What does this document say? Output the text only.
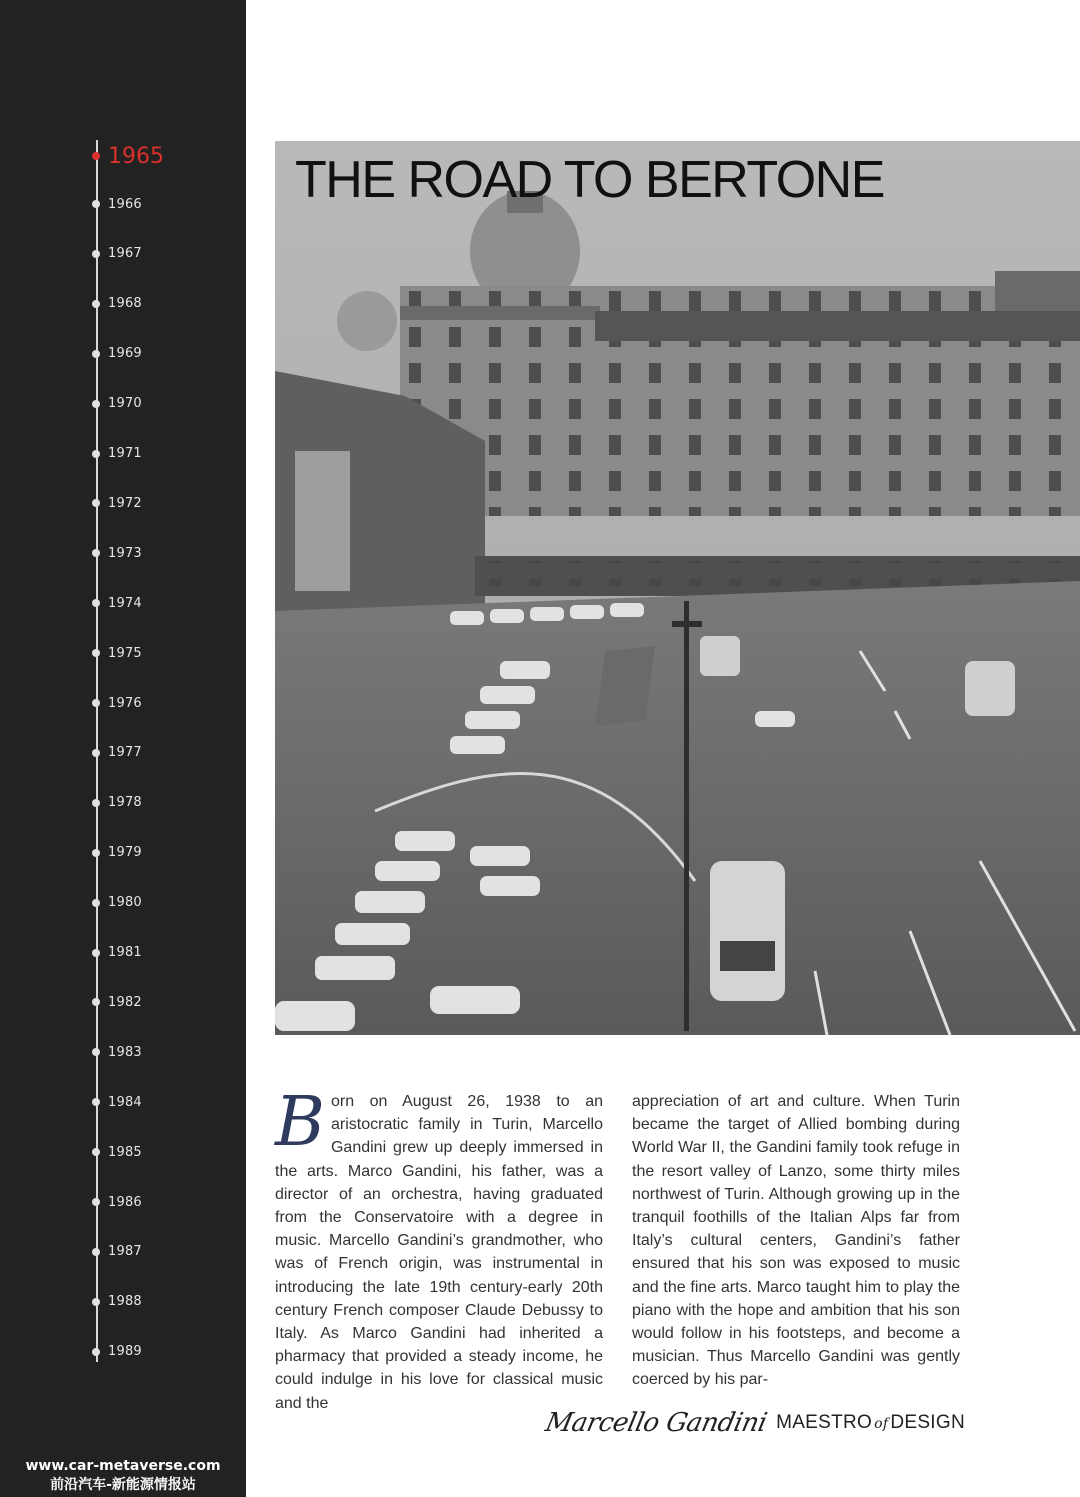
1965
1966
1967
1968
1969
1970
1971
1972
1973
1974
1975
1976
1977
1978
1979
1980
1981
1982
1983
1984
1985
1986
1987
1988
1989
www.car-metaverse.com
前沿汽车-新能源情报站
THE ROAD TO BERTONE
Born on August 26, 1938 to an aristocratic family in Turin, Marcello Gandini grew up deeply immersed in the arts. Marco Gandini, his father, was a director of an orchestra, having graduated from the Conservatoire with a degree in music. Marcello Gandini’s grandmother, who was of French origin, was instrumental in introducing the late 19th century-early 20th century French composer Claude Debussy to Italy. As Marco Gandini had inherited a pharmacy that provided a steady income, he could indulge in his love for classical music and the
appreciation of art and culture. When Turin became the target of Allied bombing during World War II, the Gandini family took refuge in the resort valley of Lanzo, some thirty miles northwest of Turin. Although growing up in the tranquil foothills of the Italian Alps far from Italy’s cultural centers, Gandini’s father ensured that his son was exposed to music and the fine arts. Marco taught him to play the piano with the hope and ambition that his son would follow in his footsteps, and become a musician. Thus Marcello Gandini was gently coerced by his par-
Marcello Gandini MAESTRO of DESIGN
